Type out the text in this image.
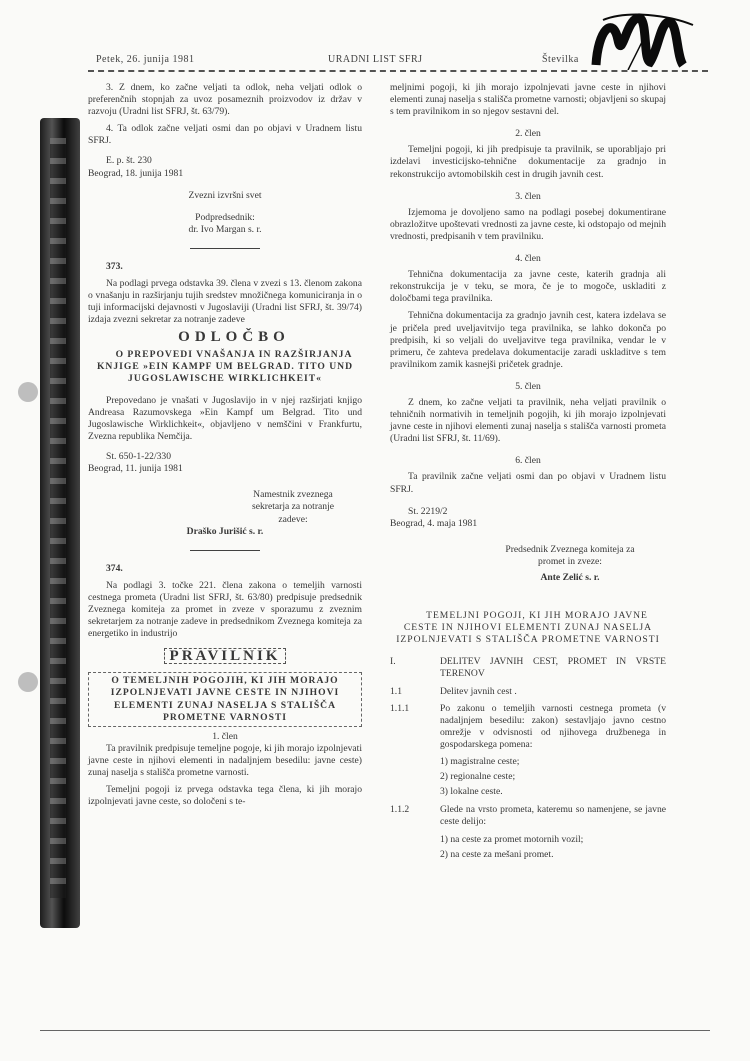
Petek, 26. junija 1981	URADNI LIST SFRJ	Številka

3. Z dnem, ko začne veljati ta odlok, neha veljati odlok o preferenčnih stopnjah za uvoz posameznih proizvodov iz držav v razvoju (Uradni list SFRJ, št. 63/79).

4. Ta odlok začne veljati osmi dan po objavi v Uradnem listu SFRJ.

E. p. št. 230

Beograd, 18. junija 1981

Zvezni izvršni svet

Podpredsednik:

dr. Ivo Margan s. r.

373.

Na podlagi prvega odstavka 39. člena v zvezi s 13. členom zakona o vnašanju in razširjanju tujih sredstev množičnega komuniciranja in o tuji informacijski dejavnosti v Jugoslaviji (Uradni list SFRJ, št. 39/74) izdaja zvezni sekretar za notranje zadeve

ODLOČBO

O PREPOVEDI VNAŠANJA IN RAZŠIRJANJA KNJIGE »EIN KAMPF UM BELGRAD. TITO UND JUGOSLAWISCHE WIRKLICHKEIT«

Prepovedano je vnašati v Jugoslavijo in v njej razširjati knjigo Andreasa Razumovskega »Ein Kampf um Belgrad. Tito und Jugoslawische Wirklichkeit«, objavljeno v nemščini v Frankfurtu, Zvezna republika Nemčija.

St. 650-1-22/330

Beograd, 11. junija 1981

Namestnik zveznega sekretarja za notranje zadeve:

Draško Jurišić s. r.

374.

Na podlagi 3. točke 221. člena zakona o temeljih varnosti cestnega prometa (Uradni list SFRJ, št. 63/80) predpisuje predsednik Zveznega komiteja za promet in zveze v sporazumu z zveznim sekretarjem za notranje zadeve in predsednikom Zveznega komiteja za energetiko in industrijo

PRAVILNIK
O TEMELJNIH POGOJIH, KI JIH MORAJO IZPOLNJEVATI JAVNE CESTE IN NJIHOVI ELEMENTI ZUNAJ NASELJA S STALIŠČA PROMETNE VARNOSTI

1. člen

Ta pravilnik predpisuje temeljne pogoje, ki jih morajo izpolnjevati javne ceste in njihovi elementi in nadaljnjem besedilu: javne ceste) zunaj naselja s stališča prometne varnosti.

Temeljni pogoji iz prvega odstavka tega člena, ki jih morajo izpolnjevati javne ceste, so določeni s te-

meljnimi pogoji, ki jih morajo izpolnjevati javne ceste in njihovi elementi zunaj naselja s stališča prometne varnosti; objavljeni so skupaj s tem pravilnikom in so njegov sestavni del.

2. člen

Temeljni pogoji, ki jih predpisuje ta pravilnik, se uporabljajo pri izdelavi investicijsko-tehnične dokumentacije za gradnjo in rekonstrukcijo avtomobilskih cest in drugih javnih cest.

3. člen

Izjemoma je dovoljeno samo na podlagi posebej dokumentirane obrazložitve upoštevati vrednosti za javne ceste, ki odstopajo od mejnih vrednosti, predpisanih v tem pravilniku.

4. člen

Tehnična dokumentacija za javne ceste, katerih gradnja ali rekonstrukcija je v teku, se mora, če je to mogoče, uskladiti z določbami tega pravilnika.

Tehnična dokumentacija za gradnjo javnih cest, katera izdelava se je pričela pred uveljavitvijo tega pravilnika, se lahko dokonča po predpisih, ki so veljali do uveljavitve tega pravilnika, vendar le v primeru, če zahteva predelava dokumentacije zaradi uskladitve s tem pravilnikom zamik kasnejši pričetek gradnje.

5. člen

Z dnem, ko začne veljati ta pravilnik, neha veljati pravilnik o tehničnih normativih in temeljnih pogojih, ki jih morajo izpolnjevati javne ceste in njihovi elementi zunaj naselja s stališča varnosti prometa (Uradni list SFRJ, št. 11/69).

6. člen

Ta pravilnik začne veljati osmi dan po objavi v Uradnem listu SFRJ.

St. 2219/2

Beograd, 4. maja 1981

Predsednik Zveznega komiteja za promet in zveze:

Ante Zelić s. r.

TEMELJNI POGOJI, KI JIH MORAJO JAVNE CESTE IN NJIHOVI ELEMENTI ZUNAJ NASELJA IZPOLNJEVATI S STALIŠČA PROMETNE VARNOSTI

I.	DELITEV JAVNIH CEST, PROMET IN VRSTE TERENOV
1.1	Delitev javnih cest .
1.1.1	Po zakonu o temeljih varnosti cestnega prometa (v nadaljnjem besedilu: zakon) sestavljajo javno cestno omrežje v odvisnosti od njihovega družbenega in gospodarskega pomena:
1) magistralne ceste;
2) regionalne ceste;
3) lokalne ceste.
1.1.2	Glede na vrsto prometa, kateremu so namenjene, se javne ceste delijo:
1) na ceste za promet motornih vozil;
2) na ceste za mešani promet.
